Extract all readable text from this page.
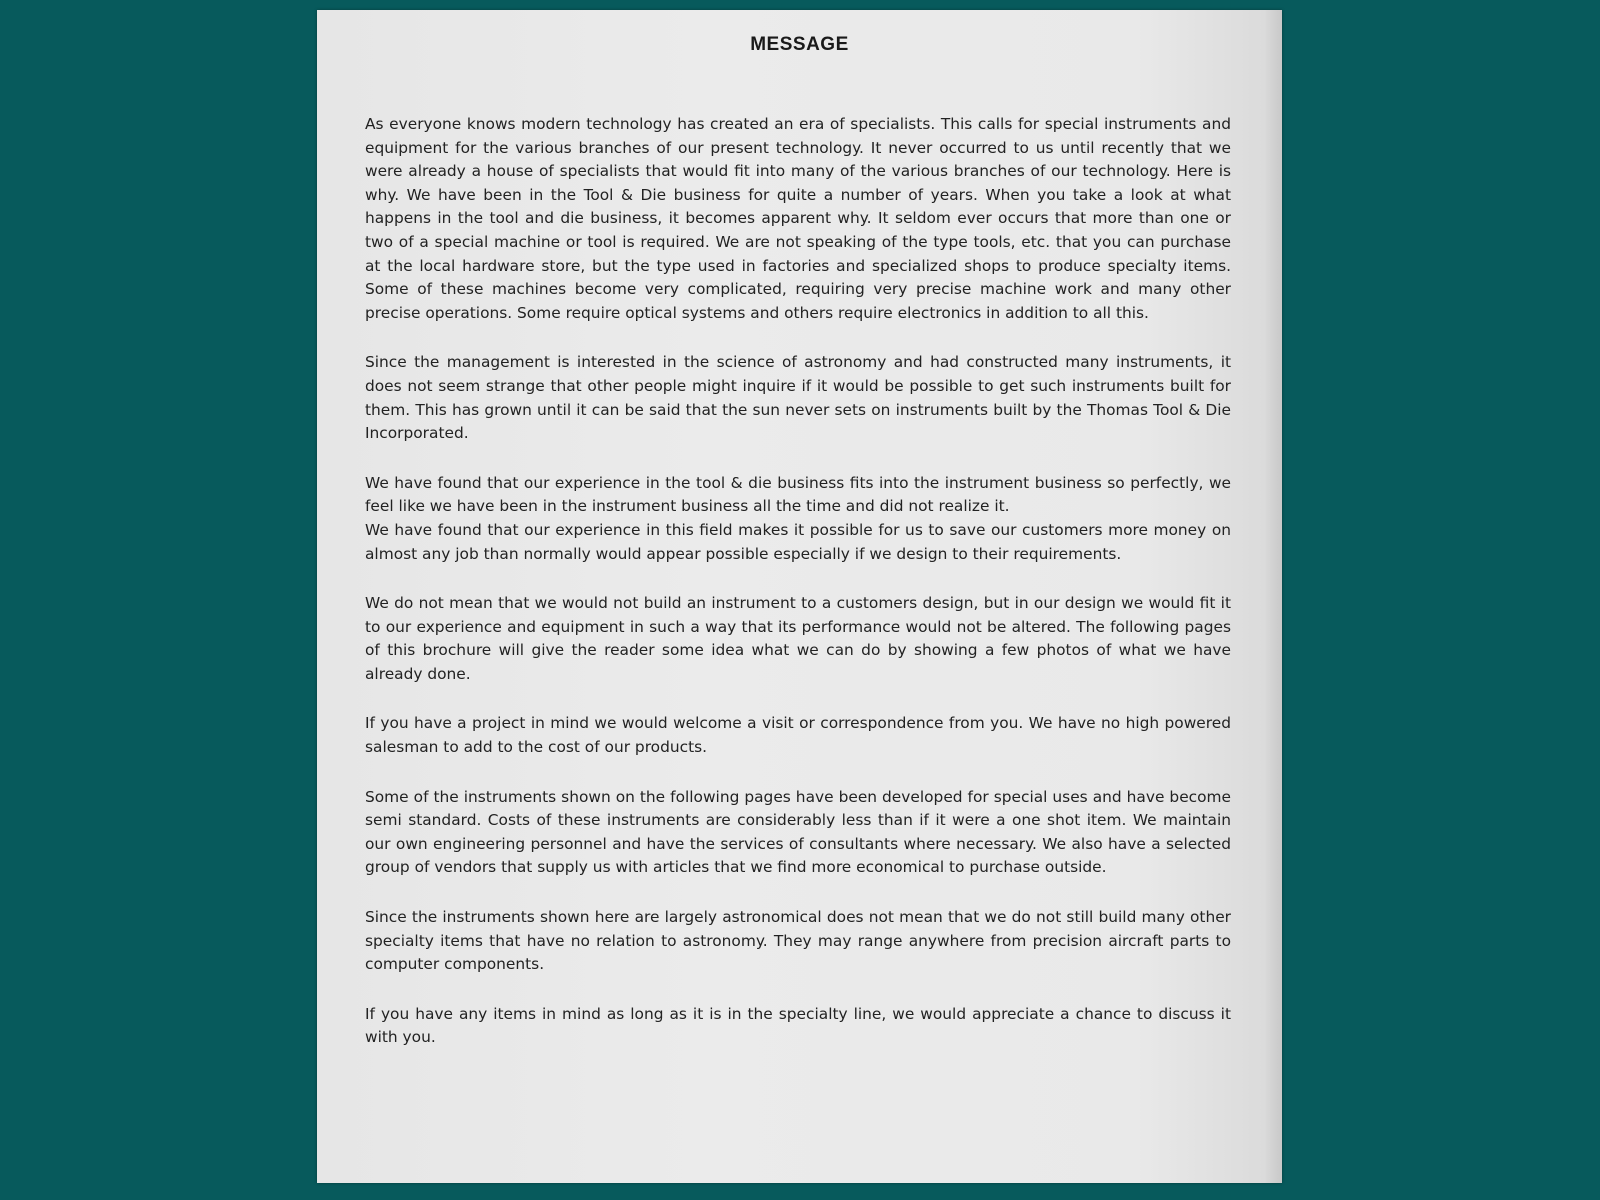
MESSAGE

As everyone knows modern technology has created an era of specialists. This calls for special instruments and equipment for the various branches of our present technology. It never occurred to us until recently that we were already a house of specialists that would fit into many of the various branches of our technology. Here is why. We have been in the Tool & Die business for quite a number of years. When you take a look at what happens in the tool and die business, it becomes apparent why. It seldom ever occurs that more than one or two of a special machine or tool is required. We are not speaking of the type tools, etc. that you can purchase at the local hardware store, but the type used in factories and specialized shops to produce specialty items. Some of these machines become very complicated, requiring very precise machine work and many other precise operations. Some require optical systems and others require electronics in addition to all this.

Since the management is interested in the science of astronomy and had constructed many instruments, it does not seem strange that other people might inquire if it would be possible to get such instruments built for them. This has grown until it can be said that the sun never sets on instruments built by the Thomas Tool & Die Incorporated.

We have found that our experience in the tool & die business fits into the instrument business so perfectly, we feel like we have been in the instrument business all the time and did not realize it.

We have found that our experience in this field makes it possible for us to save our customers more money on almost any job than normally would appear possible especially if we design to their requirements.

We do not mean that we would not build an instrument to a customers design, but in our design we would fit it to our experience and equipment in such a way that its performance would not be altered. The following pages of this brochure will give the reader some idea what we can do by showing a few photos of what we have already done.

If you have a project in mind we would welcome a visit or correspondence from you. We have no high powered salesman to add to the cost of our products.

Some of the instruments shown on the following pages have been developed for special uses and have become semi standard. Costs of these instruments are considerably less than if it were a one shot item. We maintain our own engineering personnel and have the services of consultants where necessary. We also have a selected group of vendors that supply us with articles that we find more economical to purchase outside.

Since the instruments shown here are largely astronomical does not mean that we do not still build many other specialty items that have no relation to astronomy. They may range anywhere from precision aircraft parts to computer components.

If you have any items in mind as long as it is in the specialty line, we would appreciate a chance to discuss it with you.
